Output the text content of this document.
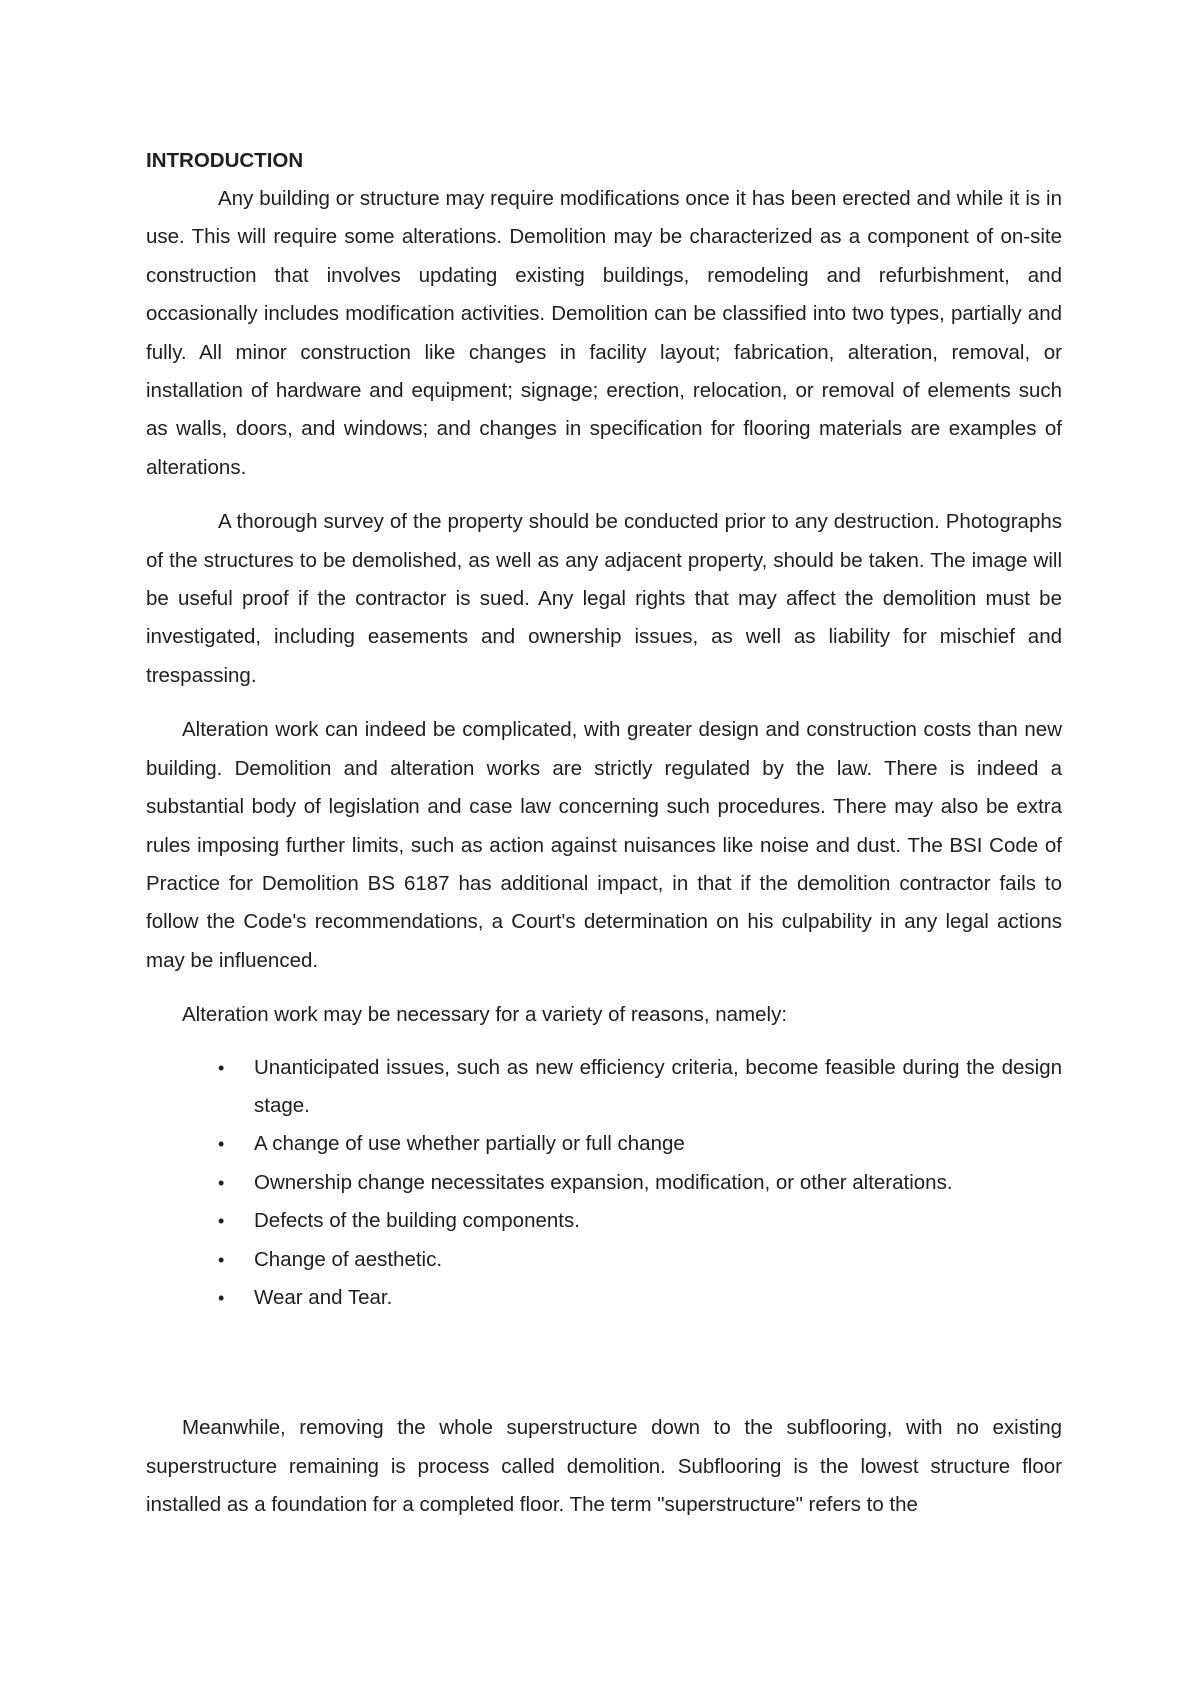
INTRODUCTION

Any building or structure may require modifications once it has been erected and while it is in use. This will require some alterations. Demolition may be characterized as a component of on-site construction that involves updating existing buildings, remodeling and refurbishment, and occasionally includes modification activities. Demolition can be classified into two types, partially and fully. All minor construction like changes in facility layout; fabrication, alteration, removal, or installation of hardware and equipment; signage; erection, relocation, or removal of elements such as walls, doors, and windows; and changes in specification for flooring materials are examples of alterations.

A thorough survey of the property should be conducted prior to any destruction. Photographs of the structures to be demolished, as well as any adjacent property, should be taken. The image will be useful proof if the contractor is sued. Any legal rights that may affect the demolition must be investigated, including easements and ownership issues, as well as liability for mischief and trespassing.

Alteration work can indeed be complicated, with greater design and construction costs than new building. Demolition and alteration works are strictly regulated by the law. There is indeed a substantial body of legislation and case law concerning such procedures. There may also be extra rules imposing further limits, such as action against nuisances like noise and dust. The BSI Code of Practice for Demolition BS 6187 has additional impact, in that if the demolition contractor fails to follow the Code's recommendations, a Court's determination on his culpability in any legal actions may be influenced.

Alteration work may be necessary for a variety of reasons, namely:

• Unanticipated issues, such as new efficiency criteria, become feasible during the design stage.
• A change of use whether partially or full change
• Ownership change necessitates expansion, modification, or other alterations.
• Defects of the building components.
• Change of aesthetic.
• Wear and Tear.

Meanwhile, removing the whole superstructure down to the subflooring, with no existing superstructure remaining is process called demolition. Subflooring is the lowest structure floor installed as a foundation for a completed floor. The term "superstructure" refers to the
